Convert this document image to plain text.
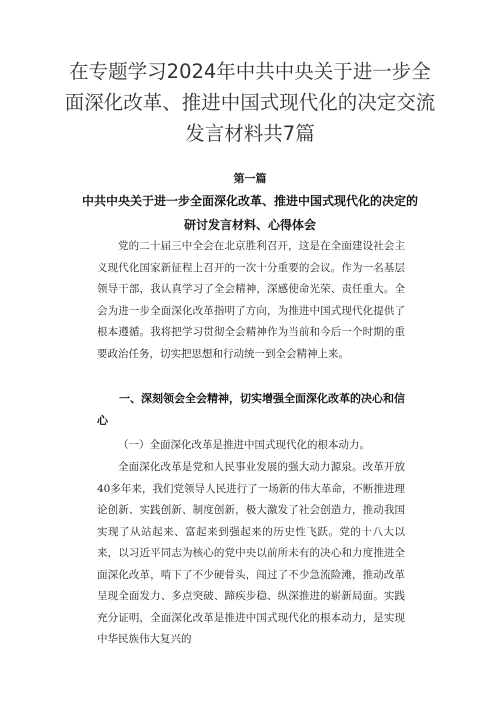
在专题学习2024年中共中央关于进一步全面深化改革、推进中国式现代化的决定交流发言材料共7篇
第一篇
中共中央关于进一步全面深化改革、推进中国式现代化的决定的研讨发言材料、心得体会
党的二十届三中全会在北京胜利召开，这是在全面建设社会主义现代化国家新征程上召开的一次十分重要的会议。作为一名基层领导干部，我认真学习了全会精神，深感使命光荣、责任重大。全会为进一步全面深化改革指明了方向，为推进中国式现代化提供了根本遵循。我将把学习贯彻全会精神作为当前和今后一个时期的重要政治任务，切实把思想和行动统一到全会精神上来。
一、深刻领会全会精神，切实增强全面深化改革的决心和信心
（一）全面深化改革是推进中国式现代化的根本动力。
全面深化改革是党和人民事业发展的强大动力源泉。改革开放40多年来，我们党领导人民进行了一场新的伟大革命，不断推进理论创新、实践创新、制度创新，极大激发了社会创造力，推动我国实现了从站起来、富起来到强起来的历史性飞跃。党的十八大以来，以习近平同志为核心的党中央以前所未有的决心和力度推进全面深化改革，啃下了不少硬骨头，闯过了不少急流险滩，推动改革呈现全面发力、多点突破、蹄疾步稳、纵深推进的崭新局面。实践充分证明，全面深化改革是推进中国式现代化的根本动力，是实现中华民族伟大复兴的
